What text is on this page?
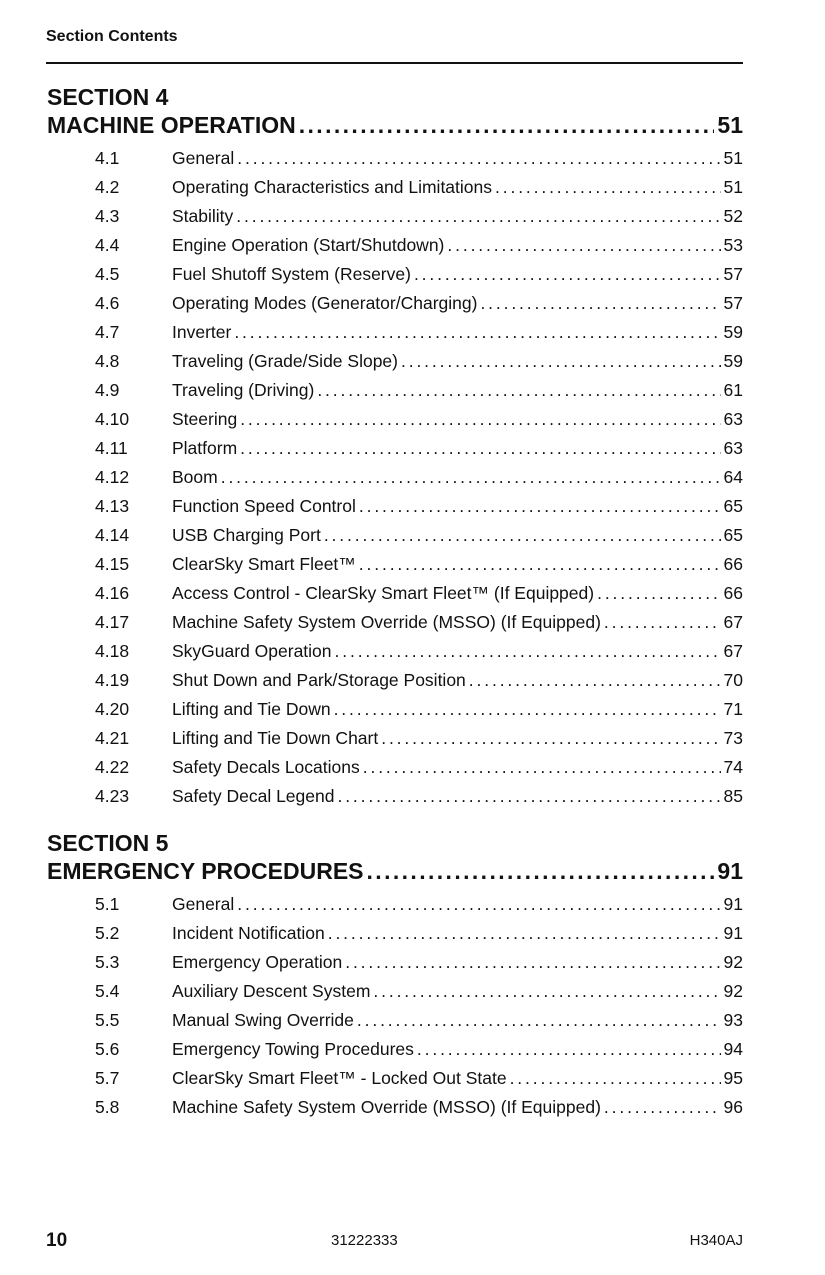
Section Contents
SECTION 4
MACHINE OPERATION . . .	51
4.1	General . . .	51
4.2	Operating Characteristics and Limitations . . .	51
4.3	Stability . . .	52
4.4	Engine Operation (Start/Shutdown) . . .	53
4.5	Fuel Shutoff System (Reserve) . . .	57
4.6	Operating Modes (Generator/Charging) . . .	57
4.7	Inverter . . .	59
4.8	Traveling (Grade/Side Slope) . . .	59
4.9	Traveling (Driving) . . .	61
4.10	Steering . . .	63
4.11	Platform . . .	63
4.12	Boom . . .	64
4.13	Function Speed Control . . .	65
4.14	USB Charging Port . . .	65
4.15	ClearSky Smart Fleet™ . . .	66
4.16	Access Control - ClearSky Smart Fleet™ (If Equipped) . . .	66
4.17	Machine Safety System Override (MSSO) (If Equipped) . . .	67
4.18	SkyGuard Operation . . .	67
4.19	Shut Down and Park/Storage Position . . .	70
4.20	Lifting and Tie Down . . .	71
4.21	Lifting and Tie Down Chart . . .	73
4.22	Safety Decals Locations . . .	74
4.23	Safety Decal Legend . . .	85
SECTION 5
EMERGENCY PROCEDURES . . .	91
5.1	General . . .	91
5.2	Incident Notification . . .	91
5.3	Emergency Operation . . .	92
5.4	Auxiliary Descent System . . .	92
5.5	Manual Swing Override . . .	93
5.6	Emergency Towing Procedures . . .	94
5.7	ClearSky Smart Fleet™ - Locked Out State . . .	95
5.8	Machine Safety System Override (MSSO) (If Equipped) . . .	96
10	31222333	H340AJ
